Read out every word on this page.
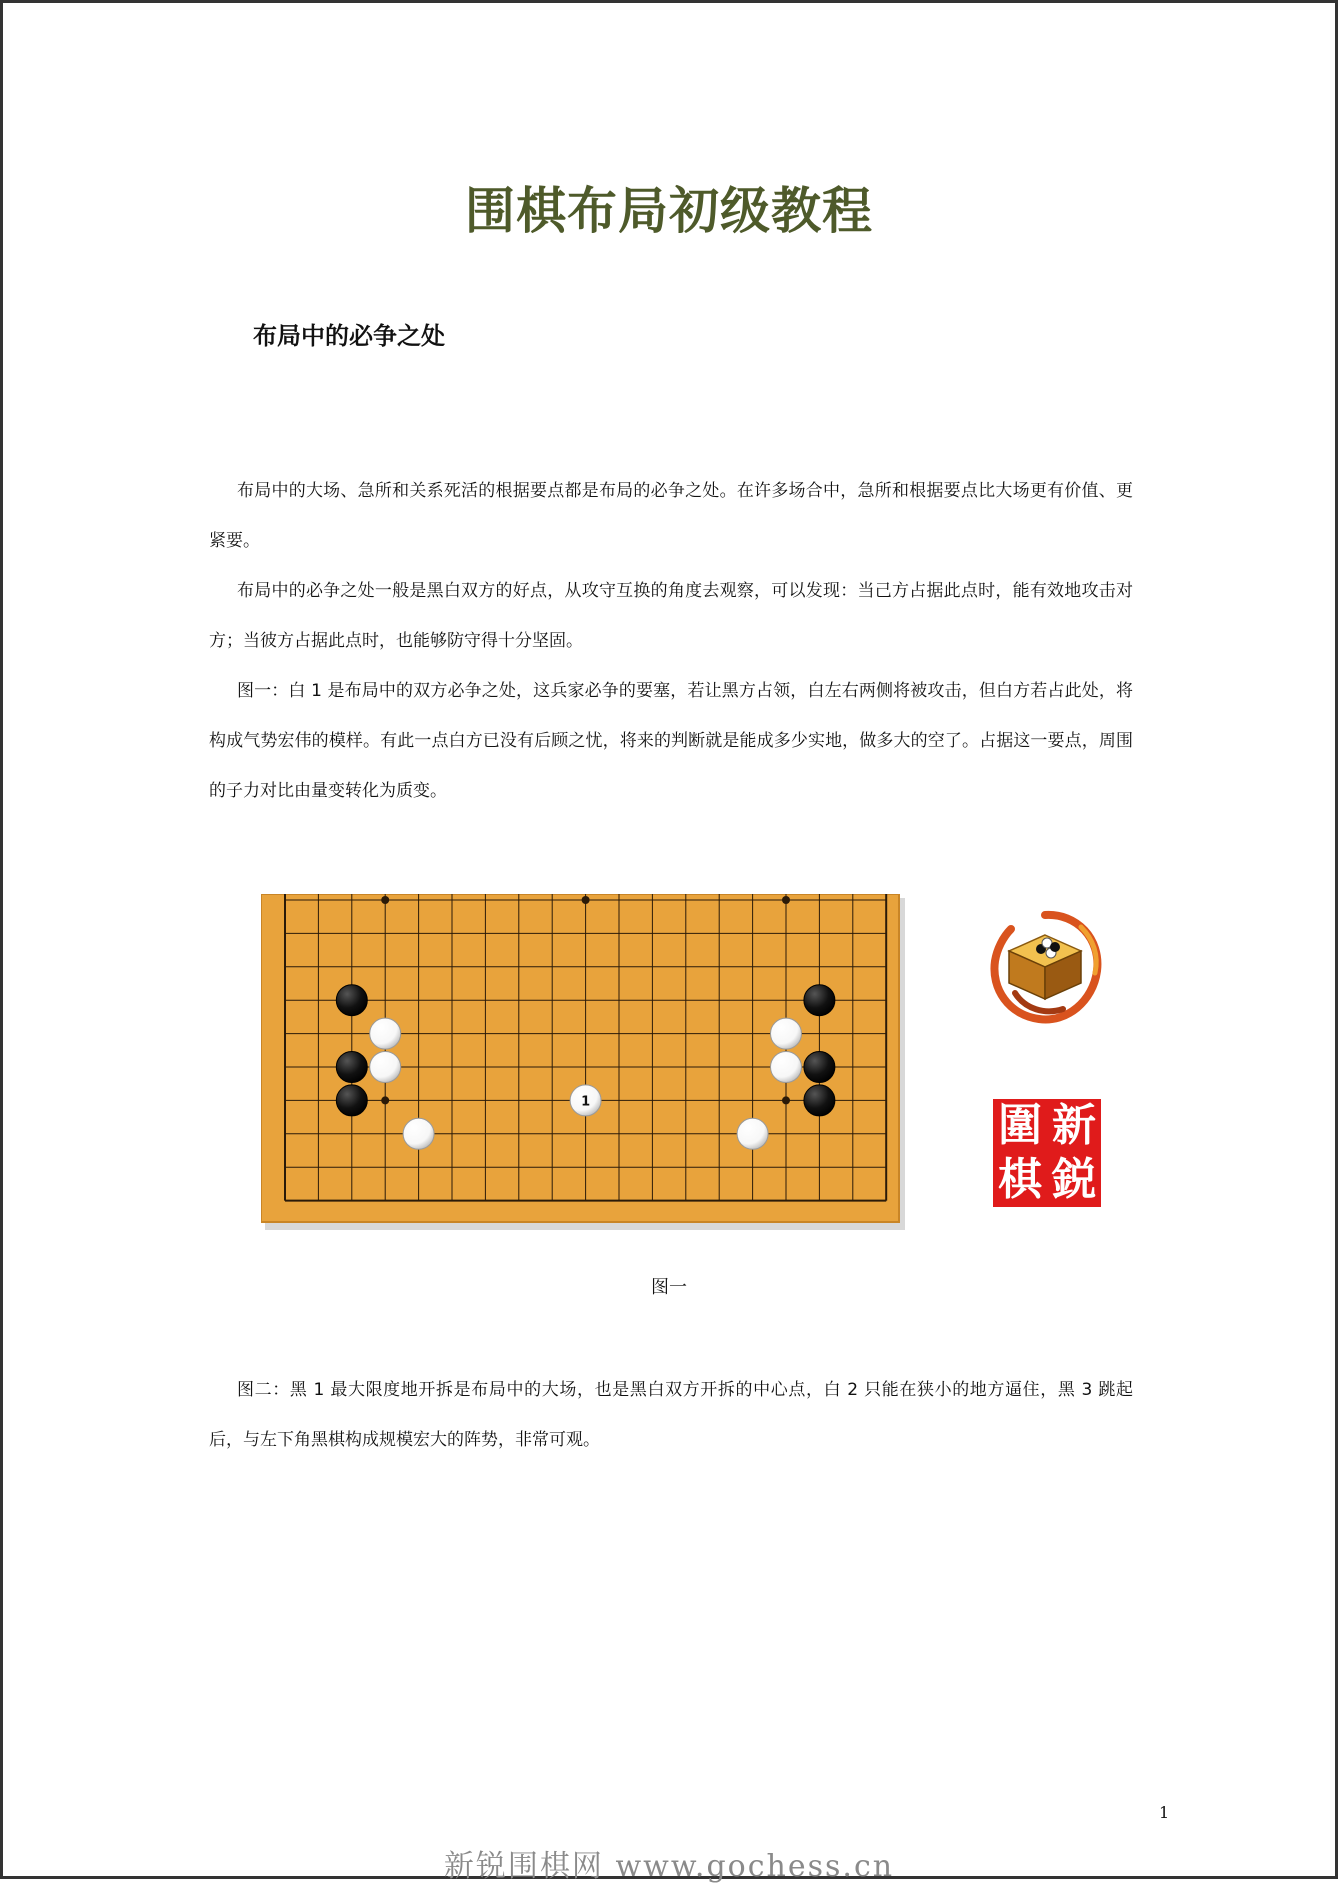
围棋布局初级教程
布局中的必争之处

布局中的大场、急所和关系死活的根据要点都是布局的必争之处。在许多场合中，急所和根据要点比大场更有价值、更紧要。

布局中的必争之处一般是黑白双方的好点，从攻守互换的角度去观察，可以发现：当己方占据此点时，能有效地攻击对方；当彼方占据此点时，也能够防守得十分坚固。

图一：白 1 是布局中的双方必争之处，这兵家必争的要塞，若让黑方占领，白左右两侧将被攻击，但白方若占此处，将构成气势宏伟的模样。有此一点白方已没有后顾之忧，将来的判断就是能成多少实地，做多大的空了。占据这一要点，周围的子力对比由量变转化为质变。

1	圍 新
棋 鋭
图一

图二：黑 1 最大限度地开拆是布局中的大场，也是黑白双方开拆的中心点，白 2 只能在狭小的地方逼住，黑 3 跳起后，与左下角黑棋构成规模宏大的阵势，非常可观。

1
新锐围棋网 www.gochess.cn
